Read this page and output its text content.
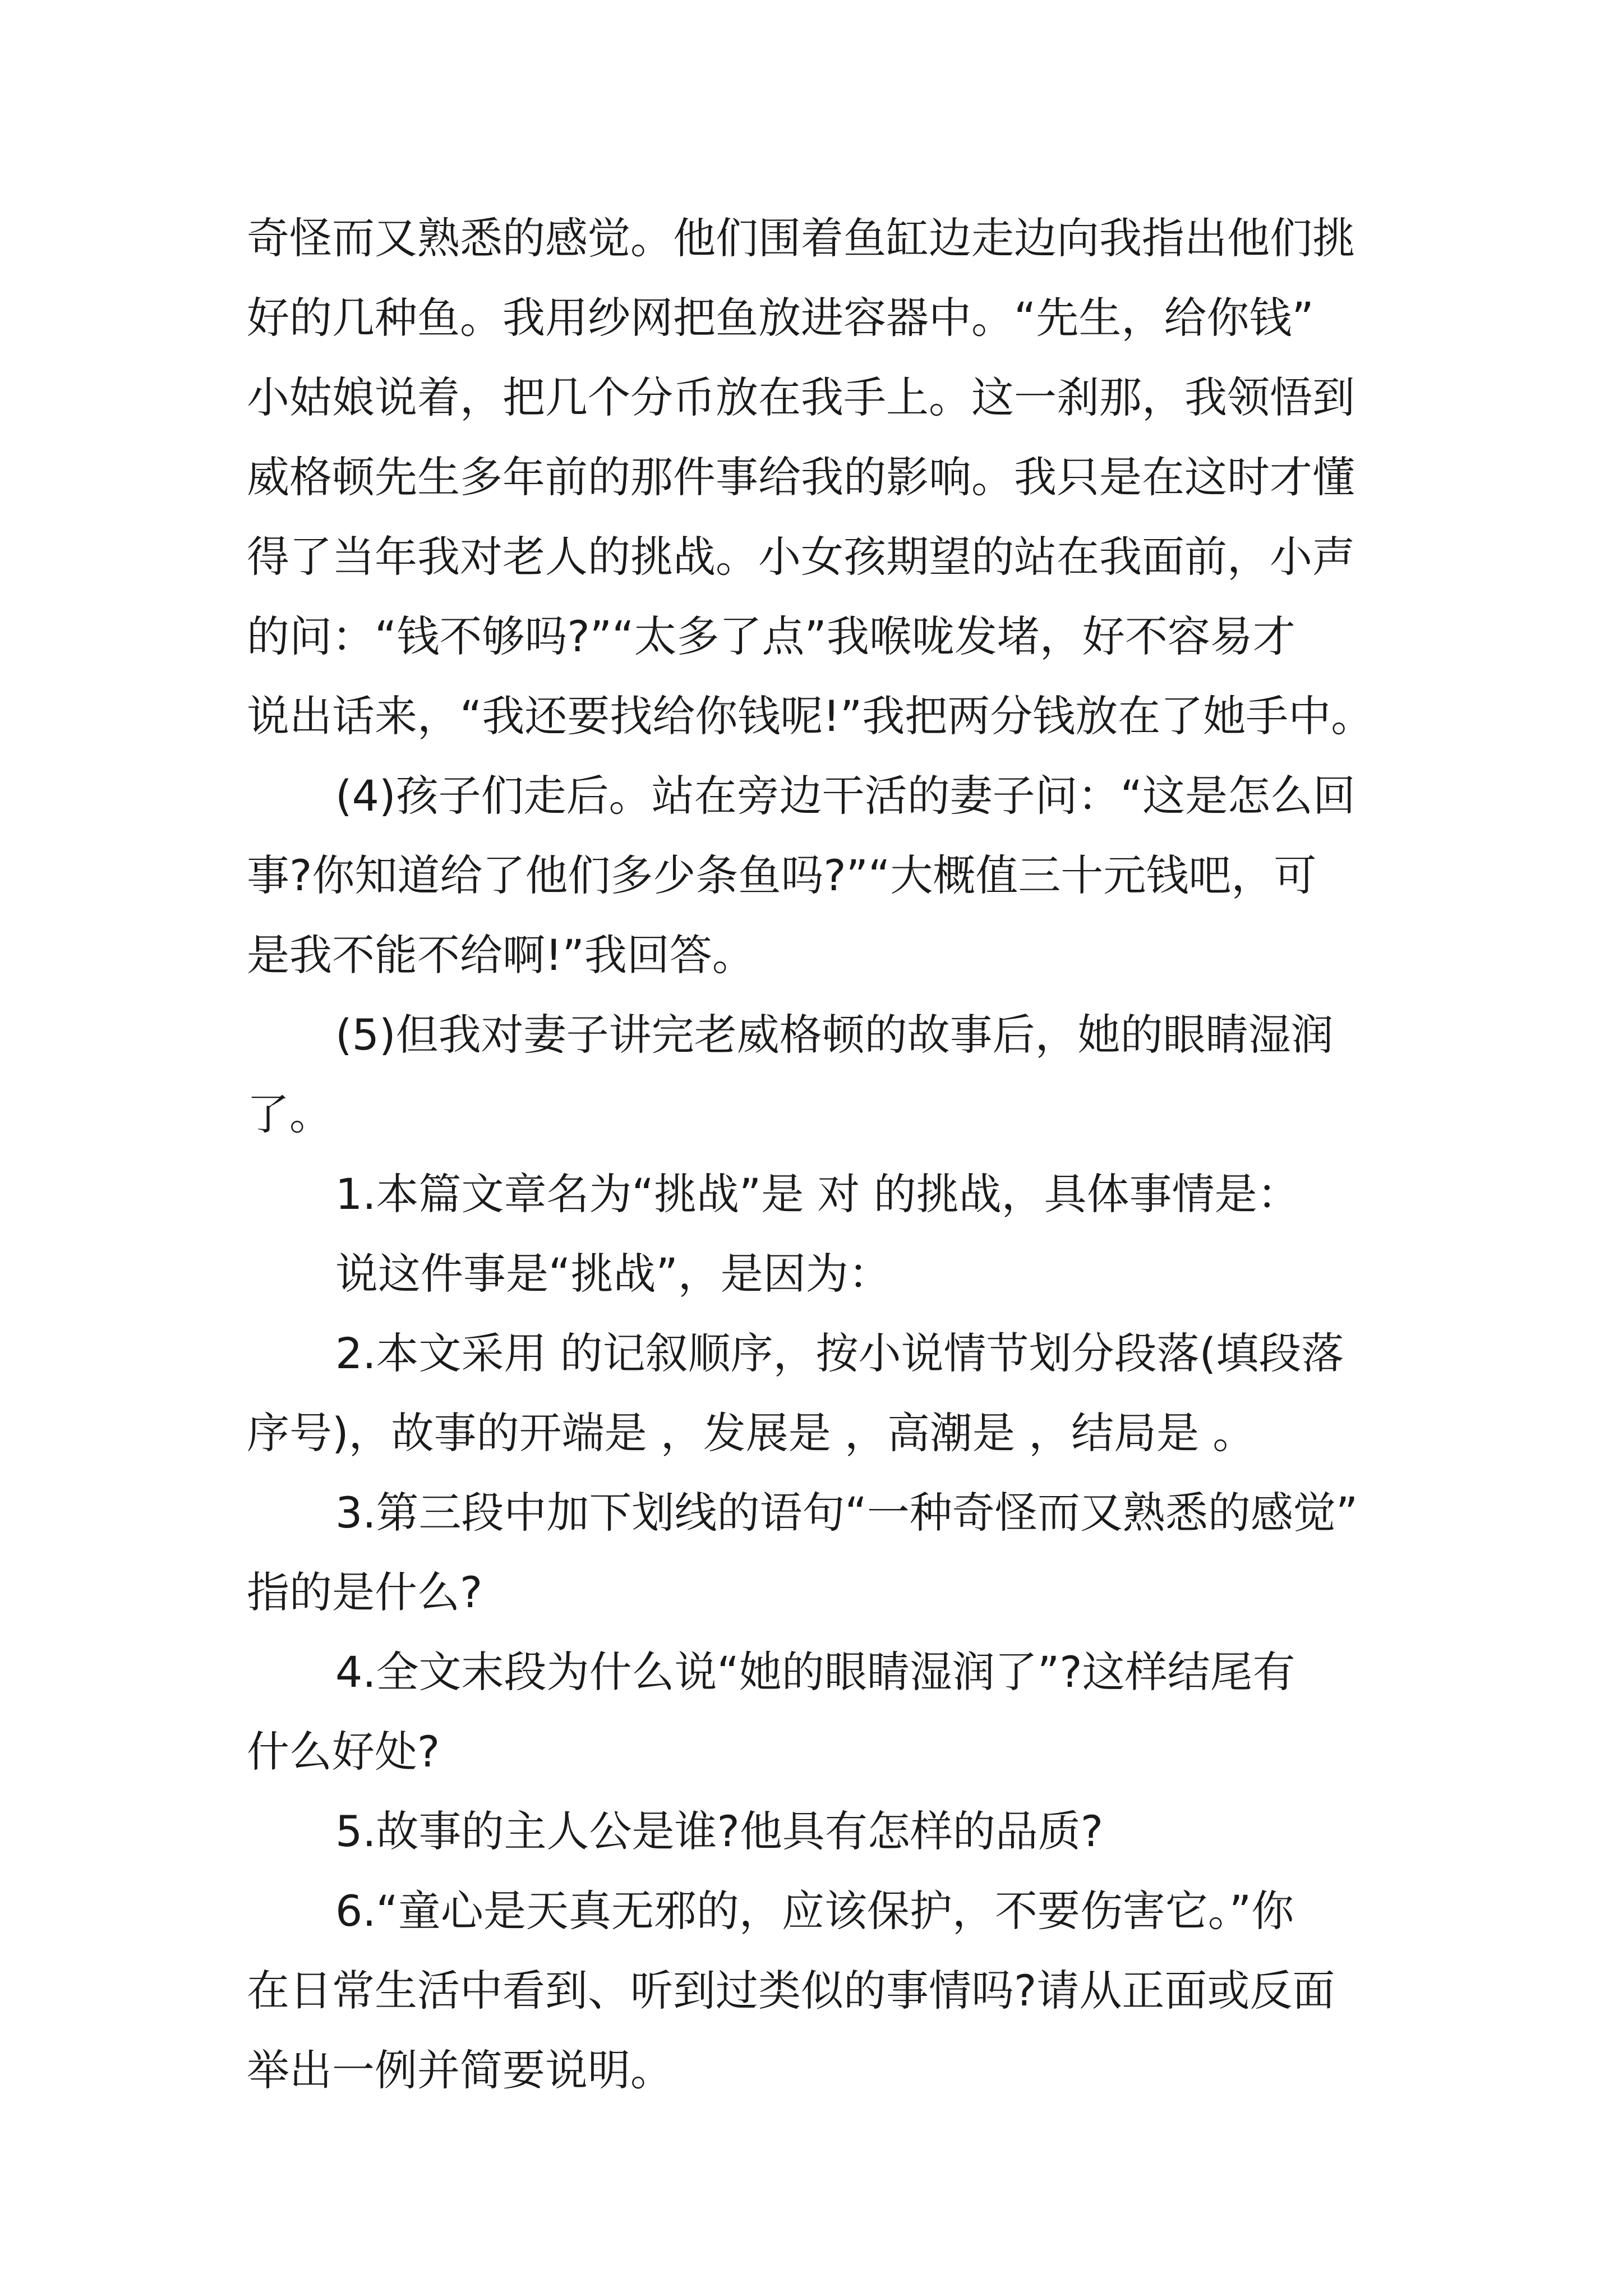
奇怪而又熟悉的感觉。他们围着鱼缸边走边向我指出他们挑
好的几种鱼。我用纱网把鱼放进容器中。“先生，给你钱”
小姑娘说着，把几个分币放在我手上。这一刹那，我领悟到
威格顿先生多年前的那件事给我的影响。我只是在这时才懂
得了当年我对老人的挑战。小女孩期望的站在我面前，小声
的问：“钱不够吗?”“太多了点”我喉咙发堵，好不容易才
说出话来，“我还要找给你钱呢!”我把两分钱放在了她手中。
(4)孩子们走后。站在旁边干活的妻子问：“这是怎么回
事?你知道给了他们多少条鱼吗?”“大概值三十元钱吧，可
是我不能不给啊!”我回答。
(5)但我对妻子讲完老威格顿的故事后，她的眼睛湿润
了。
1.本篇文章名为“挑战”是 对 的挑战，具体事情是：
说这件事是“挑战”，是因为：
2.本文采用 的记叙顺序，按小说情节划分段落(填段落
序号)，故事的开端是 ，发展是 ，高潮是 ，结局是 。
3.第三段中加下划线的语句“一种奇怪而又熟悉的感觉”
指的是什么?
4.全文末段为什么说“她的眼睛湿润了”?这样结尾有
什么好处?
5.故事的主人公是谁?他具有怎样的品质?
6.“童心是天真无邪的，应该保护，不要伤害它。”你
在日常生活中看到、听到过类似的事情吗?请从正面或反面
举出一例并简要说明。
